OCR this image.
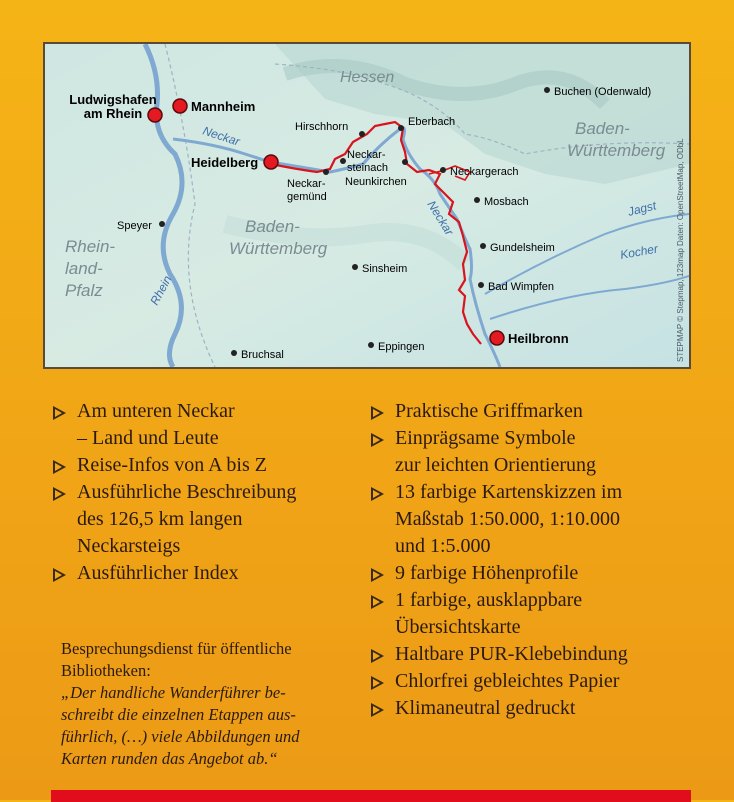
Hessen
Baden-
Württemberg
Baden-
Württemberg
Rhein-
land-
Pfalz
Neckar
Neckar
Rhein
Jagst
Kocher
Ludwigshafen
am Rhein	Mannheim
Heidelberg
Heilbronn
Hirschhorn	Eberbach
Neckar-
steinach
Neckar-
gemünd
Neunkirchen
Neckargerach
Mosbach
Gundelsheim
Bad Wimpfen
Buchen (Odenwald)
Speyer
Sinsheim
Eppingen
Bruchsal	STEPMAP © Stepmap, 123map Daten: OpenStreetMap, ODbL
Am unteren Neckar
– Land und Leute
Reise-Infos von A bis Z
Ausführliche Beschreibung
des 126,5 km langen
Neckarsteigs
Ausführlicher Index
Praktische Griffmarken
Einprägsame Symbole
zur leichten Orientierung
13 farbige Kartenskizzen im
Maßstab 1:50.000, 1:10.000
und 1:5.000
9 farbige Höhenprofile
1 farbige, ausklappbare
Übersichtskarte
Haltbare PUR-Klebebindung
Chlorfrei gebleichtes Papier
Klimaneutral gedruckt
Besprechungsdienst für öffentliche
Bibliotheken:
„Der handliche Wanderführer be-
schreibt die einzelnen Etappen aus-
führlich, (…) viele Abbildungen und
Karten runden das Angebot ab.“
